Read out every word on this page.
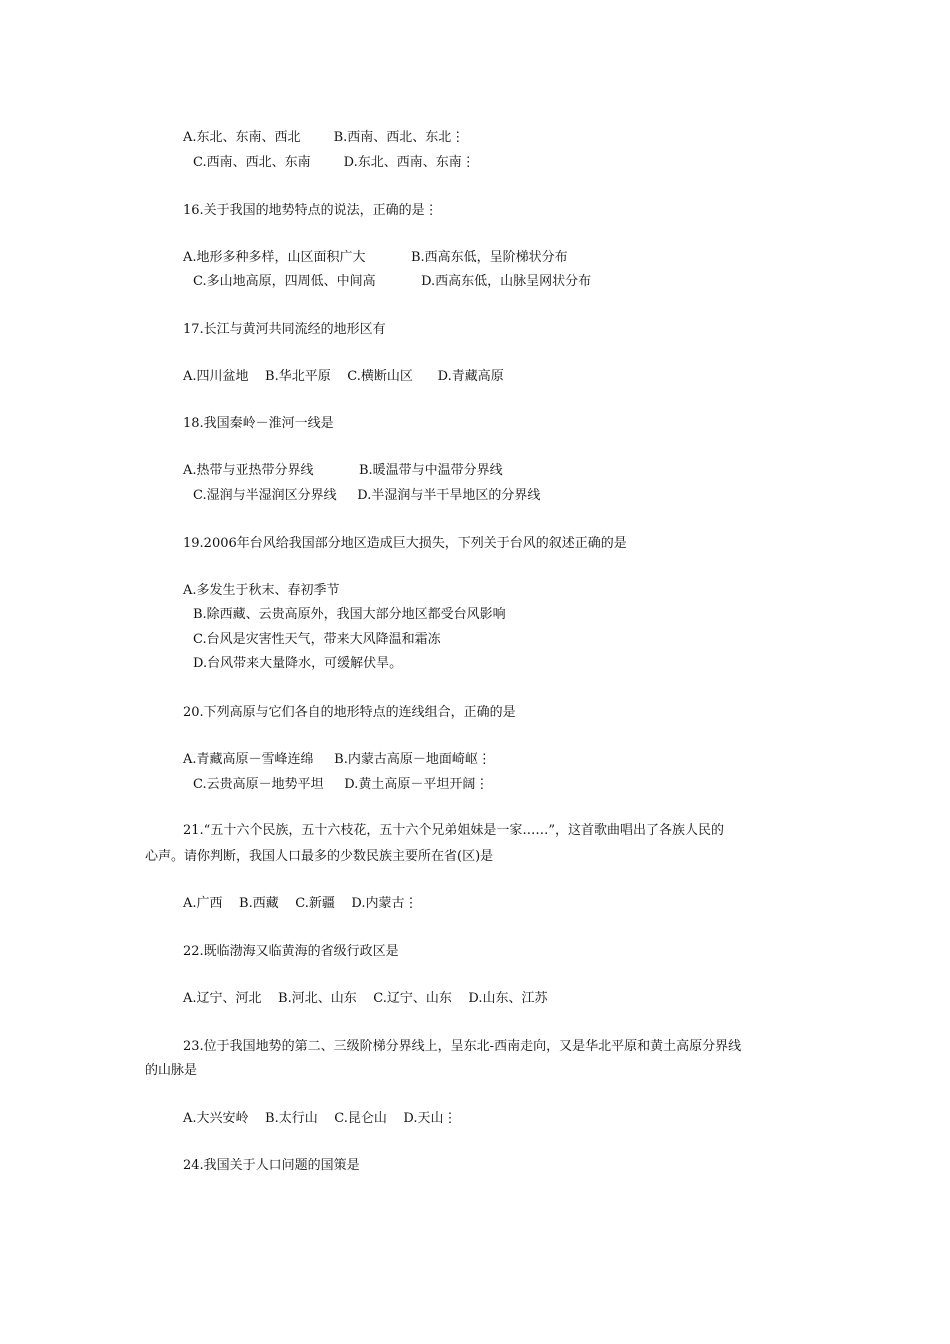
A.东北、东南、西北        B.西南、西北、东北⋮
C.西南、西北、东南        D.东北、西南、东南⋮
16.关于我国的地势特点的说法，正确的是⋮
A.地形多种多样，山区面积广大           B.西高东低，呈阶梯状分布
C.多山地高原，四周低、中间高           D.西高东低，山脉呈网状分布
17.长江与黄河共同流经的地形区有
A.四川盆地    B.华北平原    C.横断山区      D.青藏高原
18.我国秦岭－淮河一线是
A.热带与亚热带分界线           B.暖温带与中温带分界线
C.湿润与半湿润区分界线     D.半湿润与半干旱地区的分界线
19.2006年台风给我国部分地区造成巨大损失，下列关于台风的叙述正确的是
A.多发生于秋末、春初季节
B.除西藏、云贵高原外，我国大部分地区都受台风影响
C.台风是灾害性天气，带来大风降温和霜冻
D.台风带来大量降水，可缓解伏旱。
20.下列高原与它们各自的地形特点的连线组合，正确的是
A.青藏高原－雪峰连绵     B.内蒙古高原－地面崎岖⋮
C.云贵高原－地势平坦     D.黄土高原－平坦开阔⋮
21.“五十六个民族，五十六枝花，五十六个兄弟姐妹是一家……”，这首歌曲唱出了各族人民的
心声。请你判断，我国人口最多的少数民族主要所在省(区)是
A.广西    B.西藏    C.新疆    D.内蒙古⋮
22.既临渤海又临黄海的省级行政区是
A.辽宁、河北    B.河北、山东    C.辽宁、山东    D.山东、江苏
23.位于我国地势的第二、三级阶梯分界线上，呈东北-西南走向，又是华北平原和黄土高原分界线
的山脉是
A.大兴安岭    B.太行山    C.昆仑山    D.天山⋮
24.我国关于人口问题的国策是
